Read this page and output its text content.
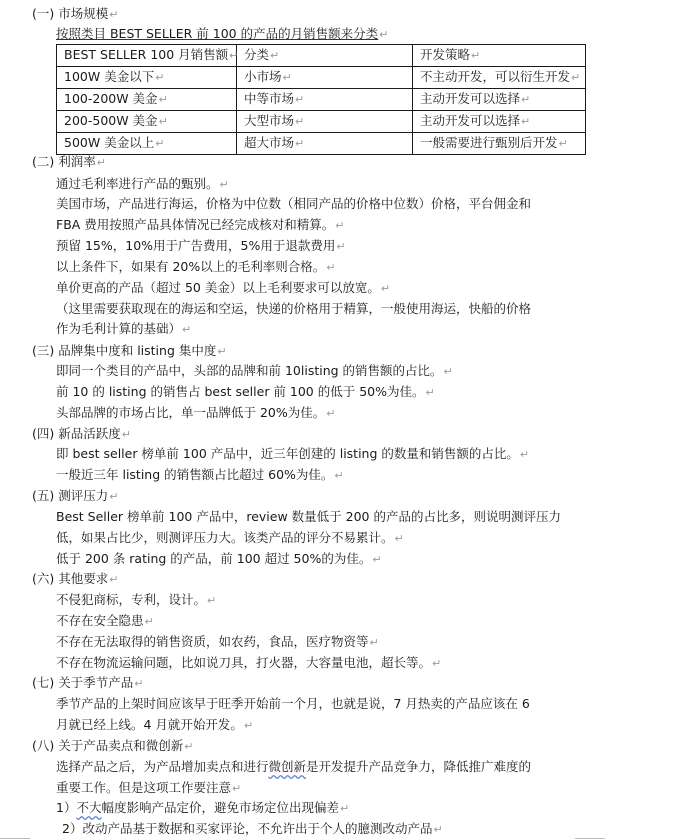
(一) 市场规模↵
按照类目 BEST SELLER 前 100 的产品的月销售额来分类↵
BEST SELLER 100 月销售额↵	分类↵	开发策略↵
100W 美金以下↵	小市场↵	不主动开发，可以衍生开发↵
100-200W 美金↵	中等市场↵	主动开发可以选择↵
200-500W 美金↵	大型市场↵	主动开发可以选择↵
500W 美金以上↵	超大市场↵	一般需要进行甄别后开发↵
(二) 利润率↵
通过毛利率进行产品的甄别。↵
美国市场，产品进行海运，价格为中位数（相同产品的价格中位数）价格，平台佣金和
FBA 费用按照产品具体情况已经完成核对和精算。↵
预留 15%，10%用于广告费用，5%用于退款费用↵
以上条件下，如果有 20%以上的毛利率则合格。↵
单价更高的产品（超过 50 美金）以上毛利要求可以放宽。↵
（这里需要获取现在的海运和空运，快递的价格用于精算，一般使用海运，快船的价格
作为毛利计算的基础）↵
(三) 品牌集中度和 listing 集中度↵
即同一个类目的产品中，头部的品牌和前 10listing 的销售额的占比。↵
前 10 的 listing 的销售占 best seller 前 100 的低于 50%为佳。↵
头部品牌的市场占比，单一品牌低于 20%为佳。↵
(四) 新品活跃度↵
即 best seller 榜单前 100 产品中，近三年创建的 listing 的数量和销售额的占比。↵
一般近三年 listing 的销售额占比超过 60%为佳。↵
(五) 测评压力↵
Best Seller 榜单前 100 产品中，review 数量低于 200 的产品的占比多，则说明测评压力
低，如果占比少，则测评压力大。该类产品的评分不易累计。↵
低于 200 条 rating 的产品，前 100 超过 50%的为佳。↵
(六) 其他要求↵
不侵犯商标，专利，设计。↵
不存在安全隐患↵
不存在无法取得的销售资质，如农药，食品，医疗物资等↵
不存在物流运输问题，比如说刀具，打火器，大容量电池，超长等。↵
(七) 关于季节产品↵
季节产品的上架时间应该早于旺季开始前一个月，也就是说，7 月热卖的产品应该在 6
月就已经上线。4 月就开始开发。↵
(八) 关于产品卖点和微创新↵
选择产品之后，为产品增加卖点和进行微创新是开发提升产品竞争力，降低推广难度的
重要工作。但是这项工作要注意↵
1）不大幅度影响产品定价，避免市场定位出现偏差↵
2）改动产品基于数据和买家评论，不允许出于个人的臆测改动产品↵
